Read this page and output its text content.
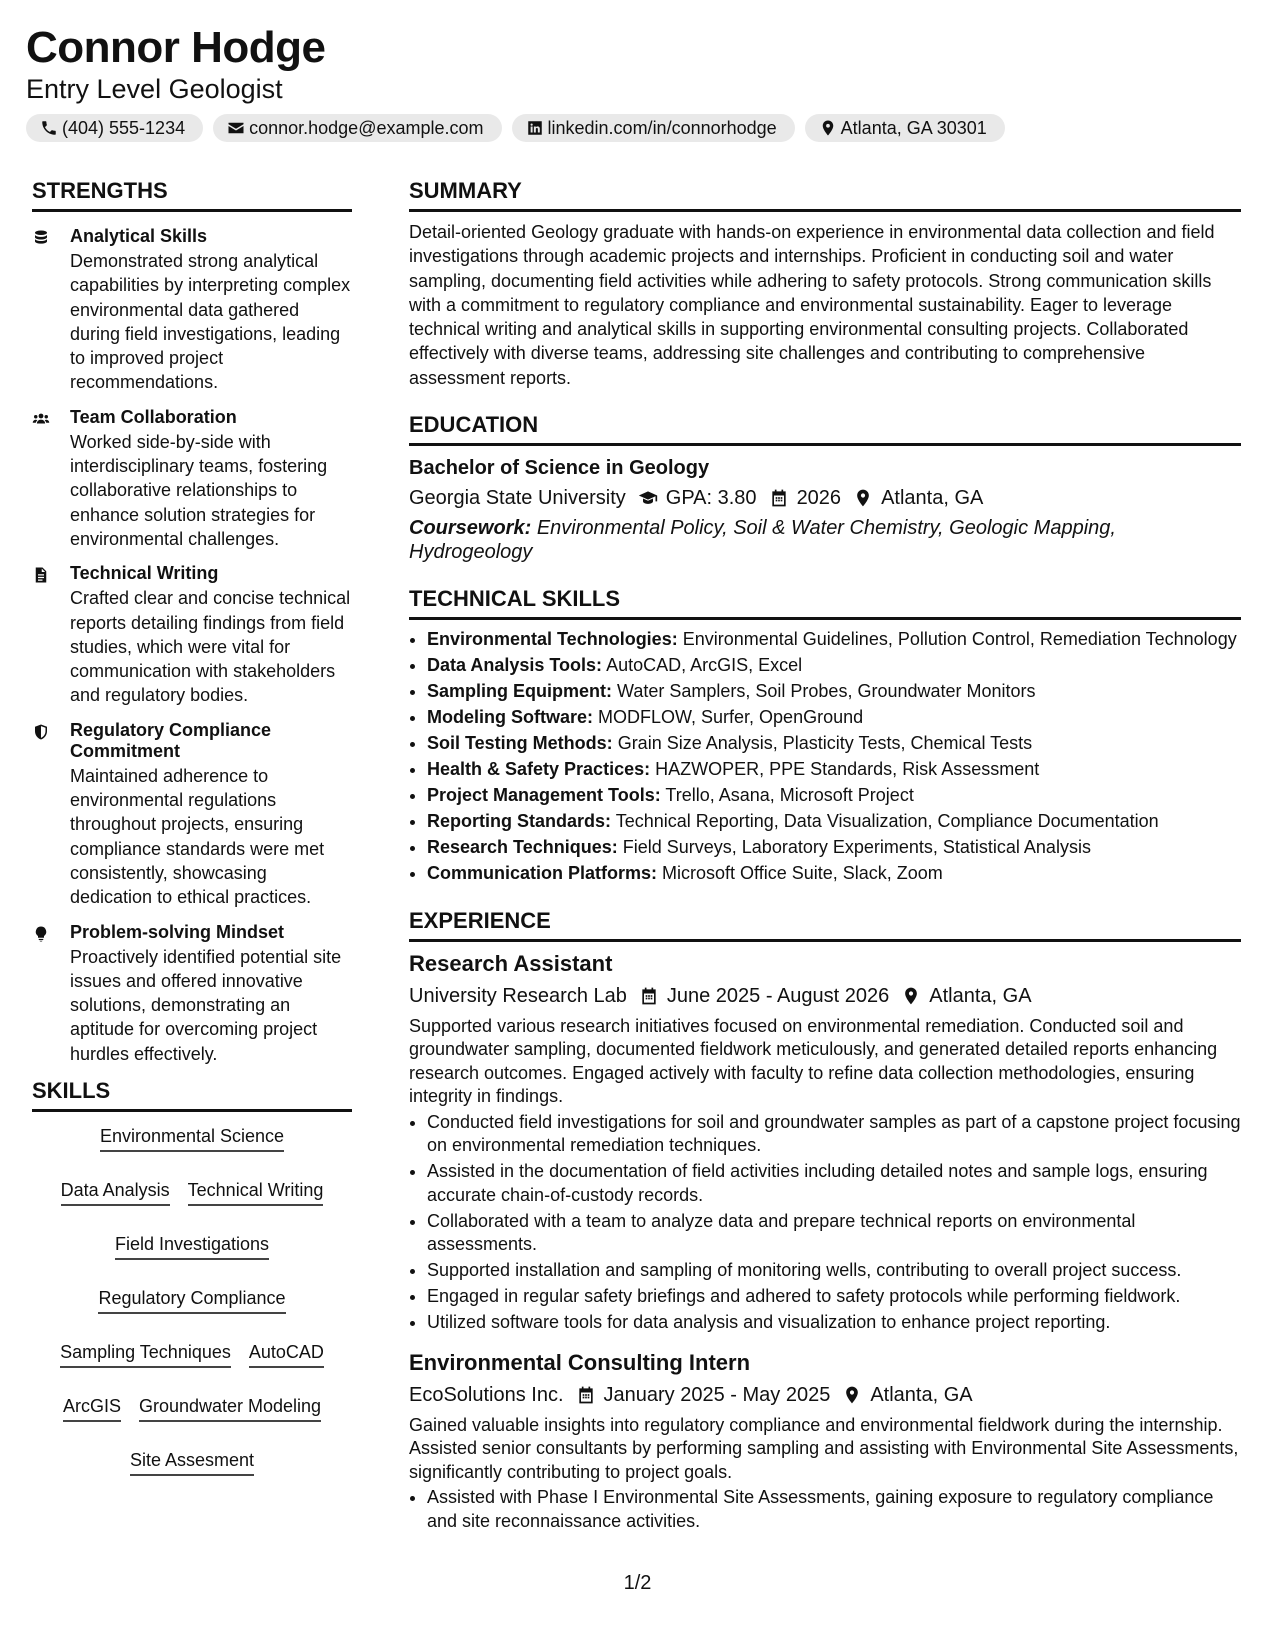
Connor Hodge
Entry Level Geologist
(404) 555-1234	connor.hodge@example.com	linkedin.com/in/connorhodge	Atlanta, GA 30301
STRENGTHS
Analytical Skills
Demonstrated strong analytical capabilities by interpreting complex environmental data gathered during field investigations, leading to improved project recommendations.
Team Collaboration
Worked side-by-side with interdisciplinary teams, fostering collaborative relationships to enhance solution strategies for environmental challenges.
Technical Writing
Crafted clear and concise technical reports detailing findings from field studies, which were vital for communication with stakeholders and regulatory bodies.
Regulatory Compliance Commitment
Maintained adherence to environmental regulations throughout projects, ensuring compliance standards were met consistently, showcasing dedication to ethical practices.
Problem-solving Mindset
Proactively identified potential site issues and offered innovative solutions, demonstrating an aptitude for overcoming project hurdles effectively.
SKILLS
Environmental Science
Data Analysis Technical Writing
Field Investigations
Regulatory Compliance
Sampling Techniques AutoCAD
ArcGIS Groundwater Modeling
Site Assesment
SUMMARY

Detail-oriented Geology graduate with hands-on experience in environmental data collection and field investigations through academic projects and internships. Proficient in conducting soil and water sampling, documenting field activities while adhering to safety protocols. Strong communication skills with a commitment to regulatory compliance and environmental sustainability. Eager to leverage technical writing and analytical skills in supporting environmental consulting projects. Collaborated effectively with diverse teams, addressing site challenges and contributing to comprehensive assessment reports.

EDUCATION
Bachelor of Science in Geology
Georgia State University GPA: 3.80 2026 Atlanta, GA
Coursework: Environmental Policy, Soil & Water Chemistry, Geologic Mapping, Hydrogeology
TECHNICAL SKILLS
• Environmental Technologies: Environmental Guidelines, Pollution Control, Remediation Technology
• Data Analysis Tools: AutoCAD, ArcGIS, Excel
• Sampling Equipment: Water Samplers, Soil Probes, Groundwater Monitors
• Modeling Software: MODFLOW, Surfer, OpenGround
• Soil Testing Methods: Grain Size Analysis, Plasticity Tests, Chemical Tests
• Health & Safety Practices: HAZWOPER, PPE Standards, Risk Assessment
• Project Management Tools: Trello, Asana, Microsoft Project
• Reporting Standards: Technical Reporting, Data Visualization, Compliance Documentation
• Research Techniques: Field Surveys, Laboratory Experiments, Statistical Analysis
• Communication Platforms: Microsoft Office Suite, Slack, Zoom
EXPERIENCE
Research Assistant
University Research Lab June 2025 - August 2026 Atlanta, GA
Supported various research initiatives focused on environmental remediation. Conducted soil and groundwater sampling, documented fieldwork meticulously, and generated detailed reports enhancing research outcomes. Engaged actively with faculty to refine data collection methodologies, ensuring integrity in findings.
• Conducted field investigations for soil and groundwater samples as part of a capstone project focusing on environmental remediation techniques.
• Assisted in the documentation of field activities including detailed notes and sample logs, ensuring accurate chain-of-custody records.
• Collaborated with a team to analyze data and prepare technical reports on environmental assessments.
• Supported installation and sampling of monitoring wells, contributing to overall project success.
• Engaged in regular safety briefings and adhered to safety protocols while performing fieldwork.
• Utilized software tools for data analysis and visualization to enhance project reporting.
Environmental Consulting Intern
EcoSolutions Inc. January 2025 - May 2025 Atlanta, GA
Gained valuable insights into regulatory compliance and environmental fieldwork during the internship. Assisted senior consultants by performing sampling and assisting with Environmental Site Assessments, significantly contributing to project goals.
• Assisted with Phase I Environmental Site Assessments, gaining exposure to regulatory compliance and site reconnaissance activities.
1/2
